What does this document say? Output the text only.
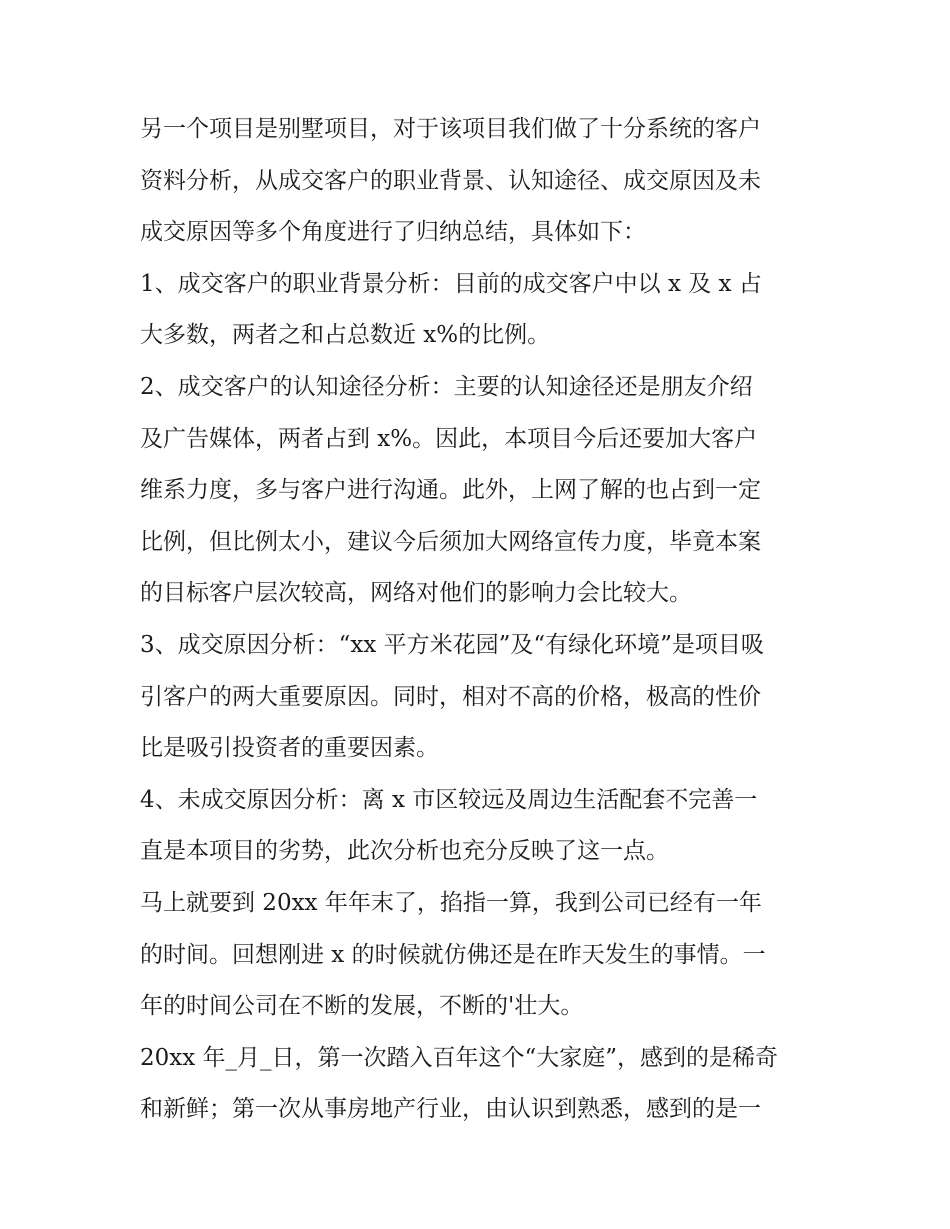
另一个项目是别墅项目，对于该项目我们做了十分系统的客户
资料分析，从成交客户的职业背景、认知途径、成交原因及未
成交原因等多个角度进行了归纳总结，具体如下：
1、成交客户的职业背景分析：目前的成交客户中以 x 及 x 占
大多数，两者之和占总数近 x%的比例。
2、成交客户的认知途径分析：主要的认知途径还是朋友介绍
及广告媒体，两者占到 x%。因此，本项目今后还要加大客户
维系力度，多与客户进行沟通。此外，上网了解的也占到一定
比例，但比例太小，建议今后须加大网络宣传力度，毕竟本案
的目标客户层次较高，网络对他们的影响力会比较大。
3、成交原因分析：“xx 平方米花园”及“有绿化环境”是项目吸
引客户的两大重要原因。同时，相对不高的价格，极高的性价
比是吸引投资者的重要因素。
4、未成交原因分析：离 x 市区较远及周边生活配套不完善一
直是本项目的劣势，此次分析也充分反映了这一点。
马上就要到 20xx 年年末了，掐指一算，我到公司已经有一年
的时间。回想刚进 x 的时候就仿佛还是在昨天发生的事情。一
年的时间公司在不断的发展，不断的'壮大。
20xx 年_月_日，第一次踏入百年这个“大家庭”，感到的是稀奇
和新鲜；第一次从事房地产行业，由认识到熟悉，感到的是一
